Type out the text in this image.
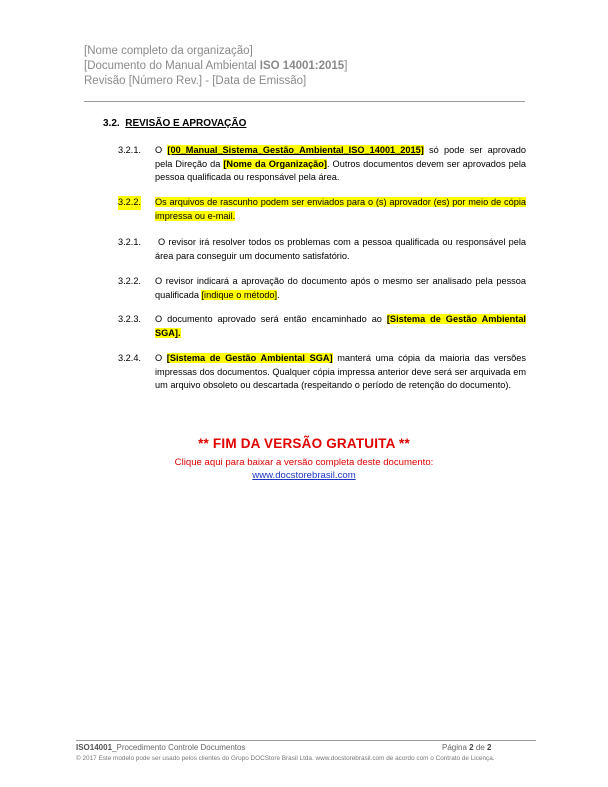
[Nome completo da organização]
[Documento do Manual Ambiental ISO 14001:2015]
Revisão [Número Rev.] - [Data de Emissão]
3.2. REVISÃO E APROVAÇÃO
3.2.1. O [00_Manual_Sistema_Gestão_Ambiental_ISO_14001_2015] só pode ser aprovado pela Direção da [Nome da Organização]. Outros documentos devem ser aprovados pela pessoa qualificada ou responsável pela área.
3.2.2. Os arquivos de rascunho podem ser enviados para o (s) aprovador (es) por meio de cópia impressa ou e-mail.
3.2.1.	O revisor irá resolver todos os problemas com a pessoa qualificada ou responsável pela área para conseguir um documento satisfatório.
3.2.2. O revisor indicará a aprovação do documento após o mesmo ser analisado pela pessoa qualificada [indique o método].
3.2.3. O documento aprovado será então encaminhado ao [Sistema de Gestão Ambiental SGA].
3.2.4. O [Sistema de Gestão Ambiental SGA] manterá uma cópia da maioria das versões impressas dos documentos. Qualquer cópia impressa anterior deve será ser arquivada em um arquivo obsoleto ou descartada (respeitando o período de retenção do documento).
** FIM DA VERSÃO GRATUITA **
Clique aqui para baixar a versão completa deste documento:
www.docstorebrasil.com
ISO14001_Procedimento Controle Documentos	Página 2 de 2
© 2017 Este modelo pode ser usado pelos clientes do Grupo DOCStore Brasil Ltda. www.docstorebrasil.com de acordo com o Contrato de Licença.
